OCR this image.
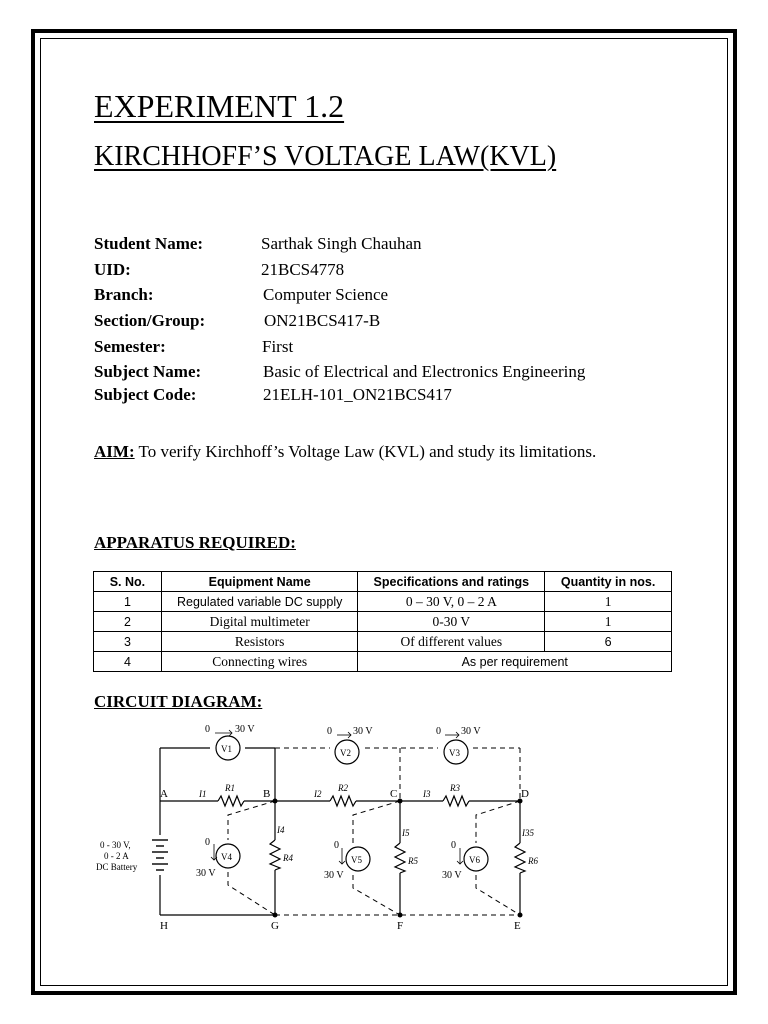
EXPERIMENT 1.2
KIRCHHOFF’S VOLTAGE LAW(KVL)
Student Name:	Sarthak Singh Chauhan
UID:	21BCS4778
Branch:	Computer Science
Section/Group:	ON21BCS417-B
Semester:	First
Subject Name:	Basic of Electrical and Electronics Engineering
Subject Code:	21ELH-101_ON21BCS417
AIM: To verify Kirchhoff’s Voltage Law (KVL) and study its limitations.
APPARATUS REQUIRED:
S. No.	Equipment Name	Specifications and ratings	Quantity in nos.
1	Regulated variable DC supply	0 – 30 V, 0 – 2 A	1
2	Digital multimeter	0-30 V	1
3	Resistors	Of different values	6
4	Connecting wires	As per requirement	
CIRCUIT DIAGRAM:
A	B	C	D
H	G	F	E
0 - 30 V,
0 - 2 A
DC Battery
0	30 V	0 30 V	0 30 V
0
30 V
0
30 V
0
30 V
V1	V2	V3
V4	V5	V6
R1	R2	R3
R4	R5	R6
I1	I2	I3
I4	I5	I35
